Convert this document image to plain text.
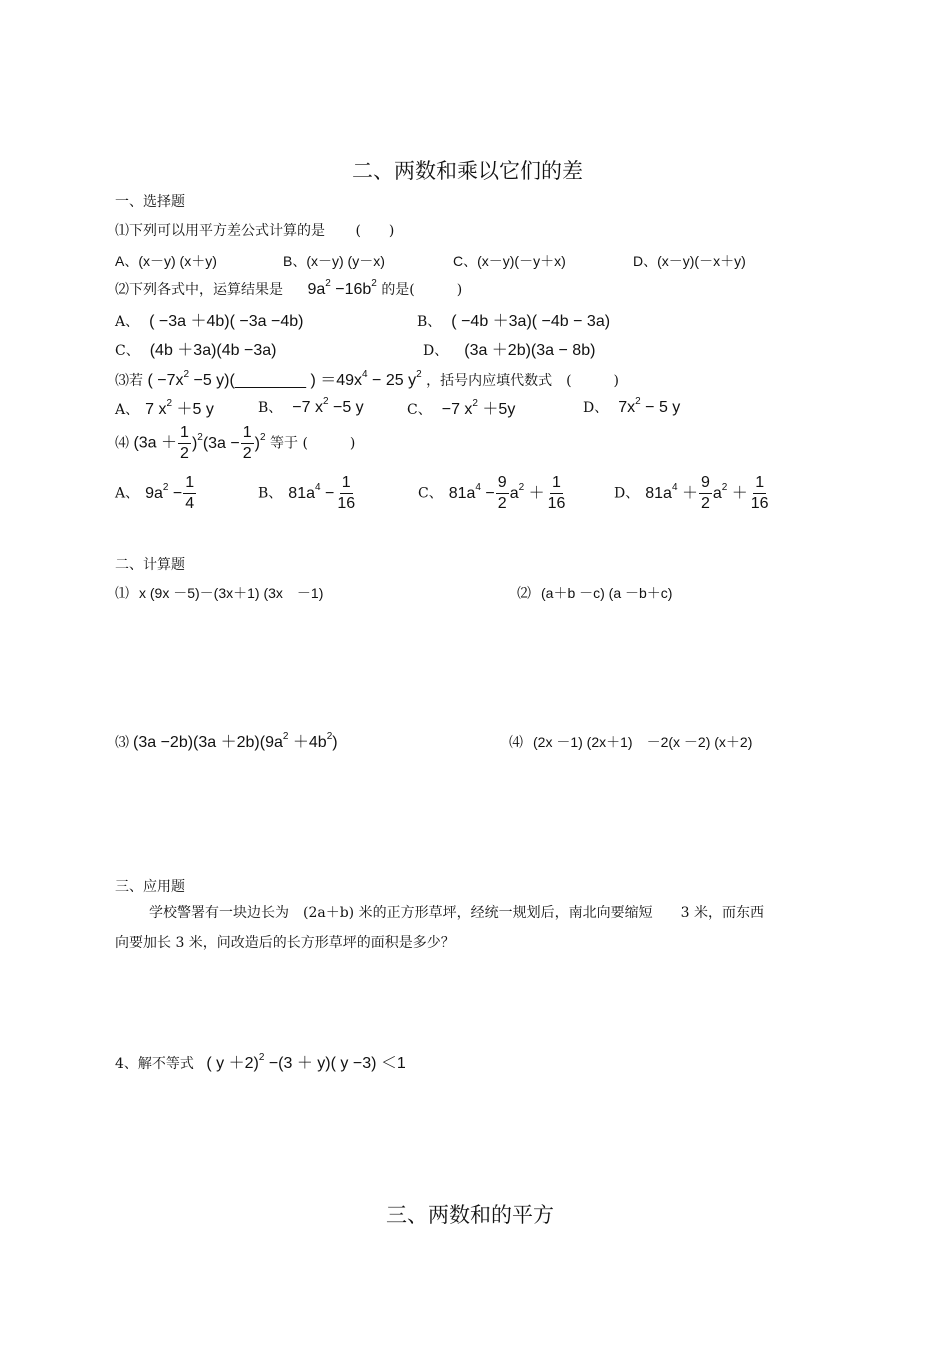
二、两数和乘以它们的差
一、选择题
⑴下列可以用平方差公式计算的是 (　　)
A、(x－y) (x＋y)	B、(x－y) (y－x)	C、(x－y)(－y＋x)	D、(x－y)(－x＋y)
⑵下列各式中，运算结果是 $9a^2 -16b^2$ 的是(　　　)
A、 ( −3a ＋4b)( −3a −4b)	B、 ( −4b ＋3a)( −4b − 3a)
C、 (4b ＋3a)(4b −3a)	D、 (3a ＋2b)(3a − 8b)
⑶若 ( $-7x^2 -5$ y)(________ ) $=49x^4 - 25$ $y^2$ ，括号内应填代数式　(　　　)
A、 7 $x^2 +5$ y	B、 −7 $x^2 -5$ y	C、 −7 $x^2 +5y$	D、 $7x^2 - 5$ y
⑷ $(3a + \frac{1}{2} )^2(3a - \frac{1}{2} )^2$ 等于 (　　　)
A、 $9a^2 - \frac{1}{4}$	B、 $81a^4 - \frac{1}{16}$	C、 $81a^4 - \frac{9}{2} a^2 + \frac{1}{16}$	D、 $81a^4 + \frac{9}{2} a^2 + \frac{1}{16}$
二、计算题
⑴ x (9x －5)－(3x＋1) (3x　－1)	⑵ (a＋b －c) (a －b＋c)
⑶ $(3a -2b)(3a +2b)(9a^2 +4b^2)$	⑷ (2x －1) (2x＋1)　－2(x －2) (x＋2)
三、应用题
学校警署有一块边长为　(2a＋b) 米的正方形草坪，经统一规划后，南北向要缩短　　3 米，而东西
向要加长 3 米，问改造后的长方形草坪的面积是多少？
4、解不等式 ( y ＋2)$^2$ −(3 ＋ y)( y −3) ＜1
三、两数和的平方
